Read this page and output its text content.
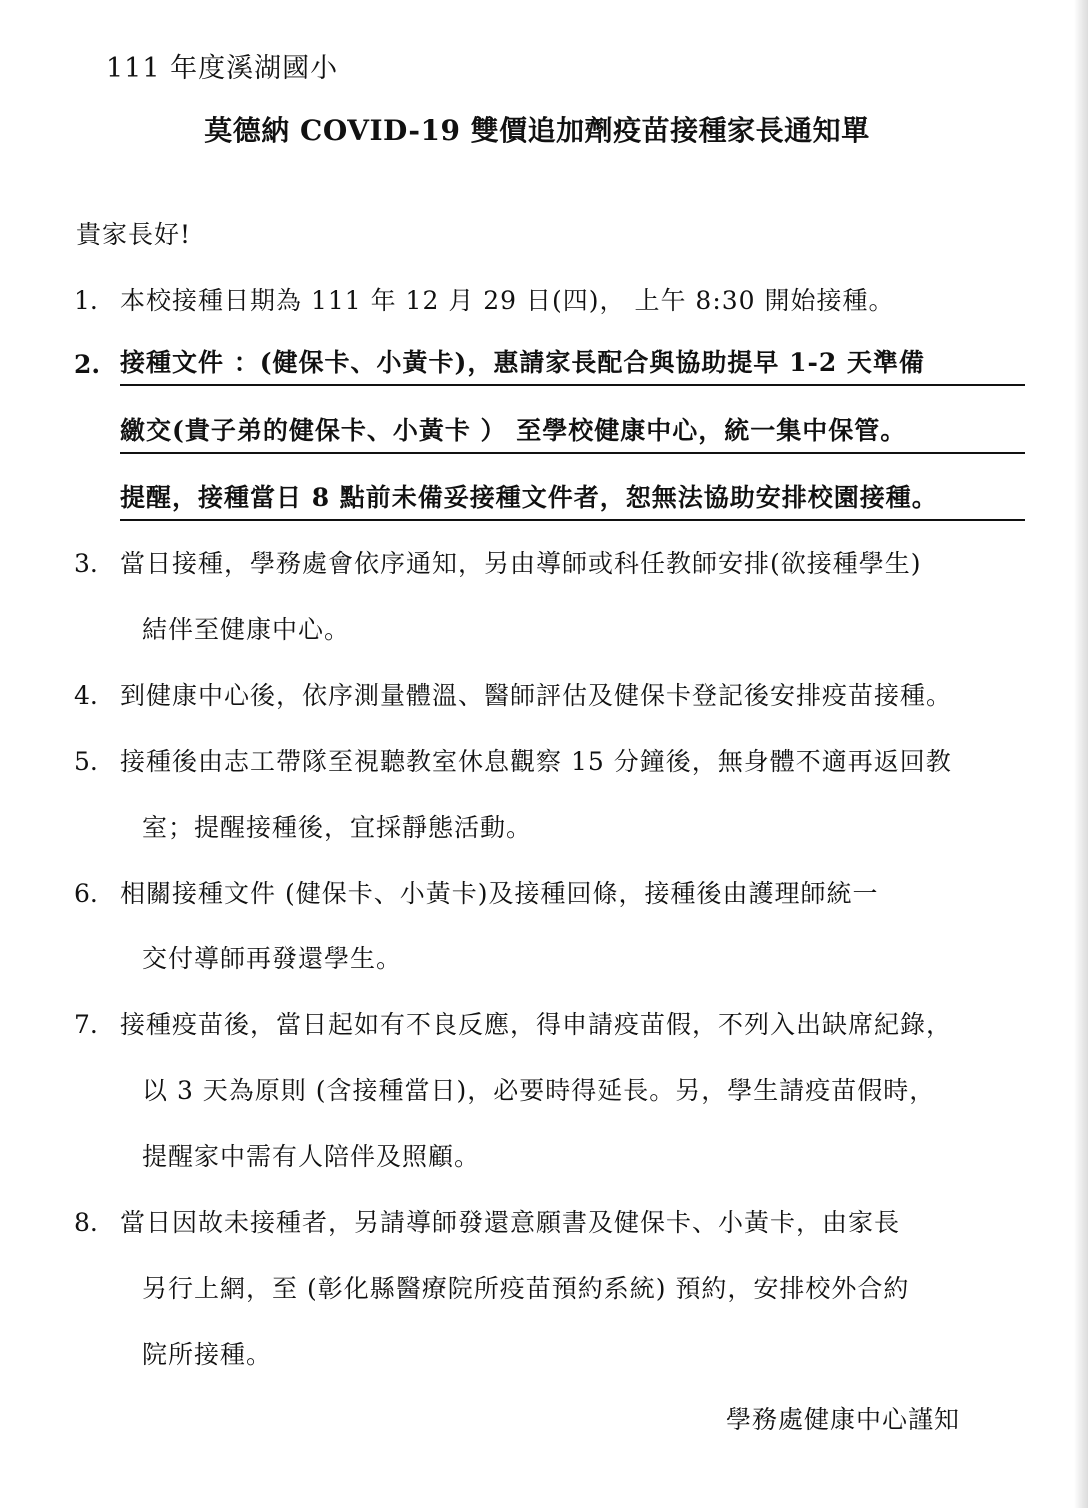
111 年度溪湖國小
莫德納 COVID-19 雙價追加劑疫苗接種家長通知單
貴家長好!
1. 本校接種日期為 111 年 12 月 29 日(四)， 上午 8:30 開始接種。
2. 接種文件 ：(健保卡、小黃卡)，惠請家長配合與協助提早 1-2 天準備
繳交(貴子弟的健保卡、小黃卡 ） 至學校健康中心，統一集中保管。
提醒，接種當日 8 點前未備妥接種文件者，恕無法協助安排校園接種。
3. 當日接種，學務處會依序通知，另由導師或科任教師安排(欲接種學生)
結伴至健康中心。
4. 到健康中心後，依序測量體溫、醫師評估及健保卡登記後安排疫苗接種。
5. 接種後由志工帶隊至視聽教室休息觀察 15 分鐘後，無身體不適再返回教
室；提醒接種後，宜採靜態活動。
6. 相關接種文件 (健保卡、小黃卡)及接種回條，接種後由護理師統一
交付導師再發還學生。
7. 接種疫苗後，當日起如有不良反應，得申請疫苗假，不列入出缺席紀錄，
以 3 天為原則 (含接種當日)，必要時得延長。另，學生請疫苗假時，
提醒家中需有人陪伴及照顧。
8. 當日因故未接種者，另請導師發還意願書及健保卡、小黃卡，由家長
另行上網，至 (彰化縣醫療院所疫苗預約系統) 預約，安排校外合約
院所接種。
學務處健康中心謹知
